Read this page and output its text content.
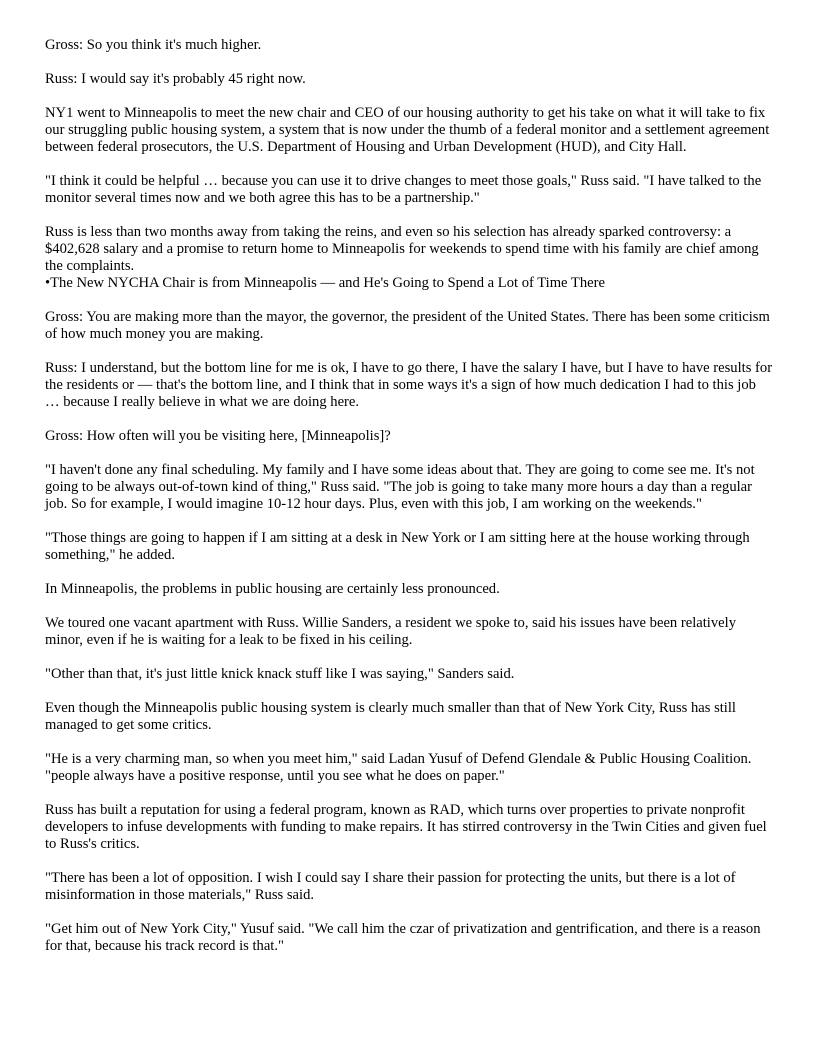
Gross: So you think it's much higher.

Russ: I would say it's probably 45 right now.

NY1 went to Minneapolis to meet the new chair and CEO of our housing authority to get his take on what it will take to fix our struggling public housing system, a system that is now under the thumb of a federal monitor and a settlement agreement between federal prosecutors, the U.S. Department of Housing and Urban Development (HUD), and City Hall.

"I think it could be helpful … because you can use it to drive changes to meet those goals," Russ said. "I have talked to the monitor several times now and we both agree this has to be a partnership."

Russ is less than two months away from taking the reins, and even so his selection has already sparked controversy: a $402,628 salary and a promise to return home to Minneapolis for weekends to spend time with his family are chief among the complaints.

•The New NYCHA Chair is from Minneapolis — and He's Going to Spend a Lot of Time There

Gross: You are making more than the mayor, the governor, the president of the United States. There has been some criticism of how much money you are making.

Russ: I understand, but the bottom line for me is ok, I have to go there, I have the salary I have, but I have to have results for the residents or — that's the bottom line, and I think that in some ways it's a sign of how much dedication I had to this job … because I really believe in what we are doing here.

Gross: How often will you be visiting here, [Minneapolis]?

"I haven't done any final scheduling. My family and I have some ideas about that. They are going to come see me. It's not going to be always out-of-town kind of thing," Russ said. "The job is going to take many more hours a day than a regular job. So for example, I would imagine 10-12 hour days. Plus, even with this job, I am working on the weekends."

"Those things are going to happen if I am sitting at a desk in New York or I am sitting here at the house working through something," he added.

In Minneapolis, the problems in public housing are certainly less pronounced.

We toured one vacant apartment with Russ. Willie Sanders, a resident we spoke to, said his issues have been relatively minor, even if he is waiting for a leak to be fixed in his ceiling.

"Other than that, it's just little knick knack stuff like I was saying," Sanders said.

Even though the Minneapolis public housing system is clearly much smaller than that of New York City, Russ has still managed to get some critics.

"He is a very charming man, so when you meet him," said Ladan Yusuf of Defend Glendale & Public Housing Coalition. "people always have a positive response, until you see what he does on paper."

Russ has built a reputation for using a federal program, known as RAD, which turns over properties to private nonprofit developers to infuse developments with funding to make repairs. It has stirred controversy in the Twin Cities and given fuel to Russ's critics.

"There has been a lot of opposition. I wish I could say I share their passion for protecting the units, but there is a lot of misinformation in those materials," Russ said.

"Get him out of New York City," Yusuf said. "We call him the czar of privatization and gentrification, and there is a reason for that, because his track record is that."
